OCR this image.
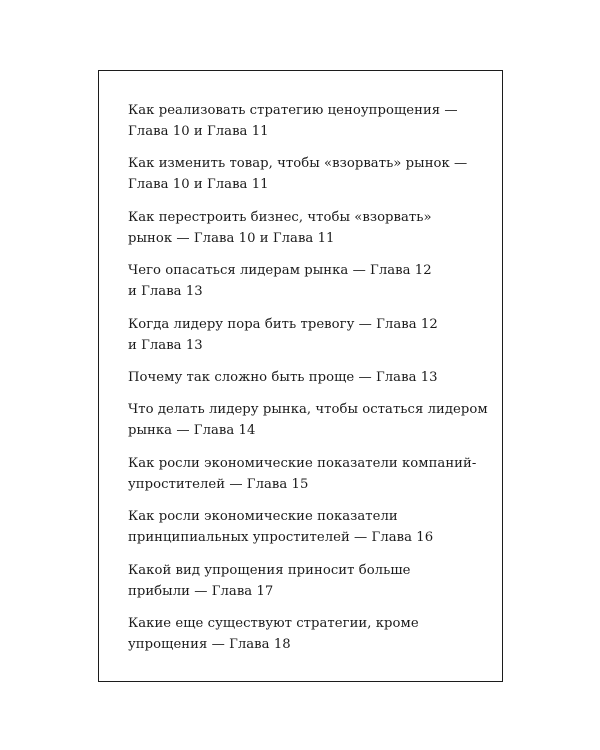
Как реализовать стратегию ценоупрощения —
Глава 10 и Глава 11
Как изменить товар, чтобы «взорвать» рынок —
Глава 10 и Глава 11
Как перестроить бизнес, чтобы «взорвать»
рынок — Глава 10 и Глава 11
Чего опасаться лидерам рынка — Глава 12
и Глава 13
Когда лидеру пора бить тревогу — Глава 12
и Глава 13
Почему так сложно быть проще — Глава 13
Что делать лидеру рынка, чтобы остаться лидером
рынка — Глава 14
Как росли экономические показатели компаний-
упростителей — Глава 15
Как росли экономические показатели
принципиальных упростителей — Глава 16
Какой вид упрощения приносит больше
прибыли — Глава 17
Какие еще существуют стратегии, кроме
упрощения — Глава 18
